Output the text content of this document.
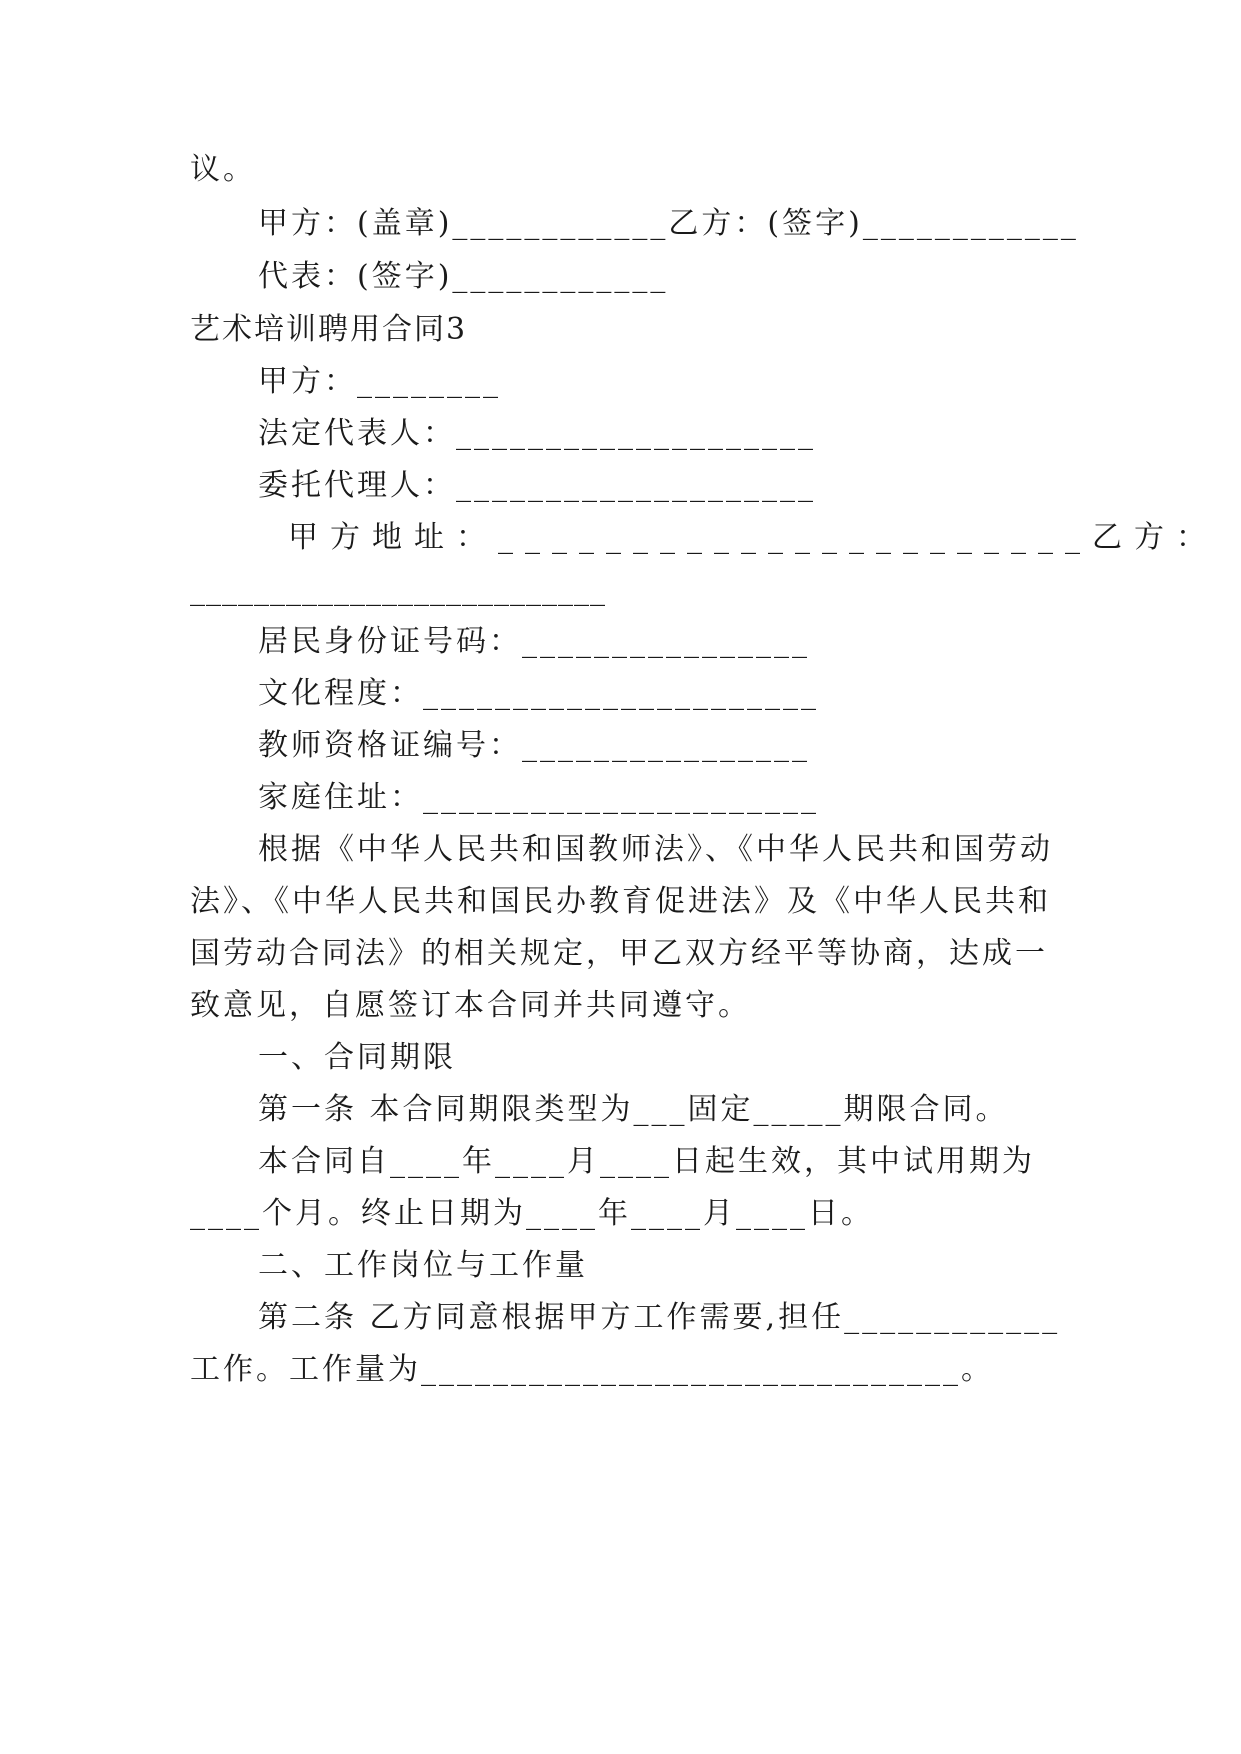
议。
甲方：(盖章)____________乙方：(签字)____________
代表：(签字)____________
艺术培训聘用合同3
甲方：________
法定代表人：____________________
委托代理人：____________________
甲方地址：______________________乙方：
__________________________
居民身份证号码：________________
文化程度：______________________
教师资格证编号：________________
家庭住址：______________________
根据《中华人民共和国教师法》、《中华人民共和国劳动
法》、《中华人民共和国民办教育促进法》及《中华人民共和
国劳动合同法》的相关规定，甲乙双方经平等协商，达成一
致意见，自愿签订本合同并共同遵守。
一、合同期限
第一条 本合同期限类型为___固定_____期限合同。
本合同自____年____月____日起生效，其中试用期为
____个月。终止日期为____年____月____日。
二、工作岗位与工作量
第二条 乙方同意根据甲方工作需要,担任____________
工作。工作量为______________________________。
